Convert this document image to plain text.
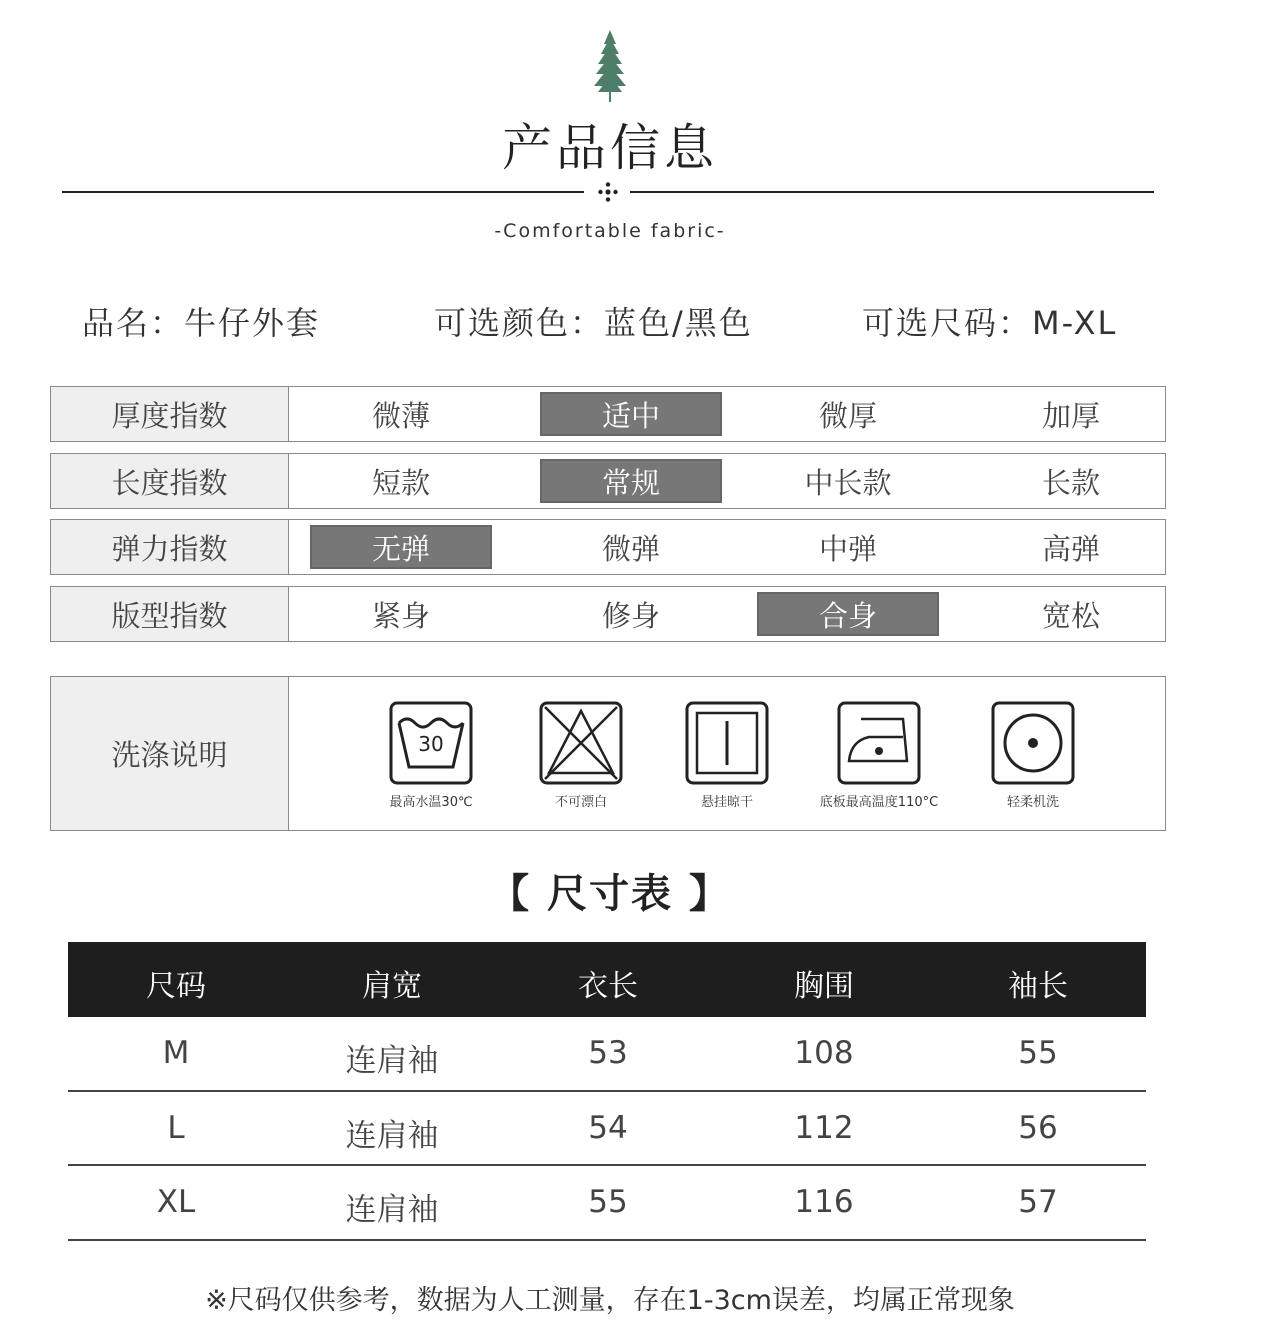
产品信息
-Comfortable fabric-
品名：牛仔外套	可选颜色：蓝色/黑色	可选尺码：M-XL
厚度指数	微薄	适中	微厚	加厚
长度指数	短款	常规	中长款	长款
弹力指数	无弹	微弹	中弹	高弹
版型指数	紧身	修身	合身	宽松
洗涤说明	30
最高水温30℃	不可漂白	悬挂晾干	底板最高温度110°C	轻柔机洗
【 尺寸表 】
尺码	肩宽	衣长	胸围	袖长
M	连肩袖	53	108	55
L	连肩袖	54	112	56
XL	连肩袖	55	116	57
※尺码仅供参考，数据为人工测量，存在1-3cm误差，均属正常现象
